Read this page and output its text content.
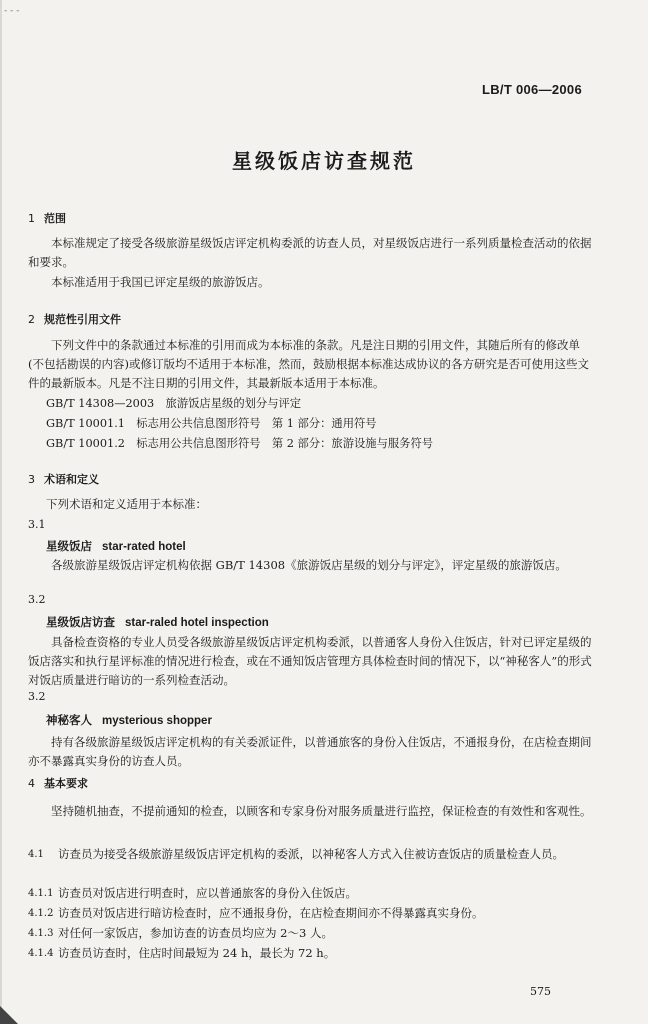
- - -
LB/T 006—2006
星级饭店访查规范
1 范围
本标准规定了接受各级旅游星级饭店评定机构委派的访查人员，对星级饭店进行一系列质量检查活动的依据和要求。
本标准适用于我国已评定星级的旅游饭店。
2 规范性引用文件
下列文件中的条款通过本标准的引用而成为本标准的条款。凡是注日期的引用文件，其随后所有的修改单(不包括勘误的内容)或修订版均不适用于本标准，然而，鼓励根据本标准达成协议的各方研究是否可使用这些文件的最新版本。凡是不注日期的引用文件，其最新版本适用于本标准。
GB/T 14308—2003　旅游饭店星级的划分与评定
GB/T 10001.1　标志用公共信息图形符号　第 1 部分：通用符号
GB/T 10001.2　标志用公共信息图形符号　第 2 部分：旅游设施与服务符号
3 术语和定义
下列术语和定义适用于本标准：
3.1
星级饭店 star-rated hotel
各级旅游星级饭店评定机构依据 GB/T 14308《旅游饭店星级的划分与评定》，评定星级的旅游饭店。
3.2
星级饭店访查 star-raled hotel inspection
具备检查资格的专业人员受各级旅游星级饭店评定机构委派，以普通客人身份入住饭店，针对已评定星级的饭店落实和执行星评标准的情况进行检查，或在不通知饭店管理方具体检查时间的情况下，以“神秘客人”的形式对饭店质量进行暗访的一系列检查活动。
3.2
神秘客人 mysterious shopper
持有各级旅游星级饭店评定机构的有关委派证件，以普通旅客的身份入住饭店，不通报身份，在店检查期间亦不暴露真实身份的访查人员。
4 基本要求
坚持随机抽查，不提前通知的检查，以顾客和专家身份对服务质量进行监控，保证检查的有效性和客观性。
4.1	访查员为接受各级旅游星级饭店评定机构的委派，以神秘客人方式入住被访查饭店的质量检查人员。
4.1.1 访查员对饭店进行明查时，应以普通旅客的身份入住饭店。
4.1.2 访查员对饭店进行暗访检查时，应不通报身份，在店检查期间亦不得暴露真实身份。
4.1.3 对任何一家饭店，参加访查的访查员均应为 2～3 人。
4.1.4 访查员访查时，住店时间最短为 24 h，最长为 72 h。
575
